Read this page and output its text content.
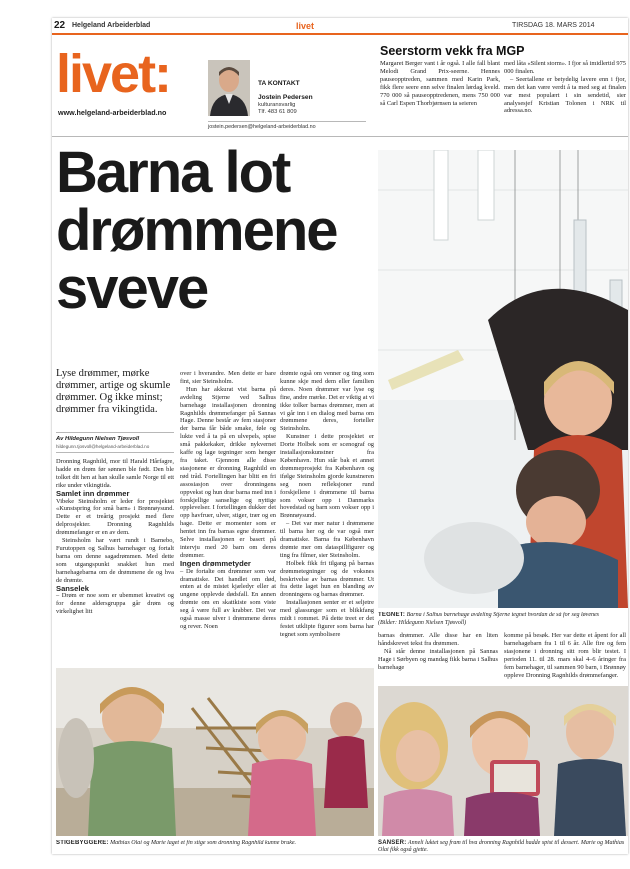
22 Helgeland Arbeiderblad	livet	TIRSDAG 18. MARS 2014
livet:
www.helgeland-arbeiderblad.no
TA KONTAKT
Jostein Pedersen
kulturansvarlig
Tlf. 483 61 809
jostein.pedersen@helgeland-arbeiderblad.no
Seerstorm vekk fra MGP

Margaret Berger vant i år også. I alle fall blant Melodi Grand Prix-seerne. Hennes pauseopptreden, sammen med Karin Park, fikk flere seere enn selve finalen lørdag kveld. 770 000 så pauseopptredenen, mens 750 000 så Carl Espen Thorbjørnsen ta seieren

med låta «Silent storm». I fjor så imidlertid 975 000 finalen.

– Seertallene er betydelig lavere enn i fjor, men det kan være verdt å ta med seg at finalen var mest populært i sin sendetid, sier analysesjef Kristian Tolonen i NRK til adressa.no.

Barna lot
drømmene
sveve
Lyse drømmer, mørke drømmer, artige og skumle drømmer. Og ikke minst; drømmer fra vikingtida.
Av Hildegunn Nielsen Tjøsvoll
hildegunn.tjosvoll@helgeland-arbeiderblad.no

Dronning Ragnhild, mor til Harald Hårfagre, hadde en drøm før sønnen ble født. Den ble tolket dit hen at han skulle samle Norge til ett rike under vikingtida.

Samlet inn drømmer

Vibeke Steinsholm er leder for prosjektet «Kunstspring for små barn» i Brønnøysund. Dette er et treårig prosjekt med flere delprosjekter. Dronning Ragnhilds drømmefanger er en av dem.

Steinsholm har vært rundt i Barnebo, Furutoppen og Salhus barnehager og fortalt barna om denne sagadrømmen. Med dette som utgangspunkt snakket hun med barnehagebarna om de drømmene de og hva de drømte.

Sanselek

– Drøm er noe som er ubemmet kreativt og for denne aldersgruppa går drøm og virkelighet litt

over i hverandre. Men dette er bare fint, sier Steinsholm.

Hun har akkurat vist barna på avdeling Stjerne ved Salhus barnehage installasjonen dronning Ragnhilds drømmefanger på Sannas Hage. Denne består av fem stasjoner der barna får både smake, føle og lukte ved å ta på en ulvepels, spise små pakkekaker, drikke nykvernet kaffe og lage tegninger som henger fra taket. Gjennom alle disse stasjonene er dronning Ragnhild en rød tråd. Fortellingen har blitt en fri assosiasjon over dronningens oppvekst og hun drar barna med inn i forskjellige sanselige og nyttige opplevelser. I fortellingen dukker det opp havfruer, ulver, stiger, trær og en hage. Dette er momenter som er hentet inn fra barnas egne drømmer. Selve installasjonen er basert på intervju med 20 barn om deres drømmer.

Ingen drømmetyder

– De fortalte om drømmer som var dramatiske. Dei handlet om død, enten at de mistet kjæledyr eller at ungene opplevde dødsfall. En annen drømte om en skattkiste som viste seg å være full av krabber. Det var også masse ulver i drømmene deres og rever. Noen

drømte også om venner og ting som kunne skje med dem eller familien deres. Noen drømmer var lyse og fine, andre mørke. Det er viktig at vi ikke tolker barnas drømmer, men at vi går inn i en dialog med barna om drømmene deres, forteller Steinsholm.

Kunstner i dette prosjektet er Dorte Holbek som er scenograf og installasjonskunstner fra København. Hun står bak et annet drømmeprosjekt fra København og ifølge Steinsholm gjorde kunstneren seg noen refleksjoner rund forskjellene i drømmene til barna som vokser opp i Danmarks hovedstad og barn som vokser opp i Brønnøysund.

– Det var mer natur i drømmene til barna her og de var også mer dramatiske. Barna fra København drømte mer om dataspillfigurer og ting fra filmer, sier Steinsholm.

Holbek fikk fri tilgang på barnas drømmetegninger og de voksnes beskrivelse av barnas drømmer. Ut fra dette laget hun en blanding av dronningens og barnas drømmer.

Installasjonen senter er et seljetre med glassunger som et blikkfang midt i rommet. På dette treet er det festet utklipte figurer som barna har tegnet som symbolisere

TEGNET: Barna i Salhus barnehage avdeling Stjerne tegnet hvordan de så for seg løvenes
(Bilder: Hildegunn Nielsen Tjøsvoll)

barnas drømmer. Alle disse har en liten håndskrevet tekst fra drømmen.

Nå står denne installasjonen på Sannas Hage i Sørbyen og mandag fikk barna i Salhus barnehage

komme på besøk. Her var dette et åpent for all barnehagebarn fra 1 til 6 år. Alle fire og fem stasjonene i dronning sitt rom blir testet. I perioden 11. til 28. mars skal 4–6 åringer fra fem barnehager, til sammen 90 barn, i Brønnøy oppleve Dronning Ragnhilds drømmefanger.

STIGEBYGGERE: Mathias Olai og Marie laget et fin stige som dronning Ragnhild kunne bruke.	SANSER: Anneli luktet seg fram til hva dronning Ragnhild hadde spist til dessert. Marie og Mathias Olai fikk også gjette.
